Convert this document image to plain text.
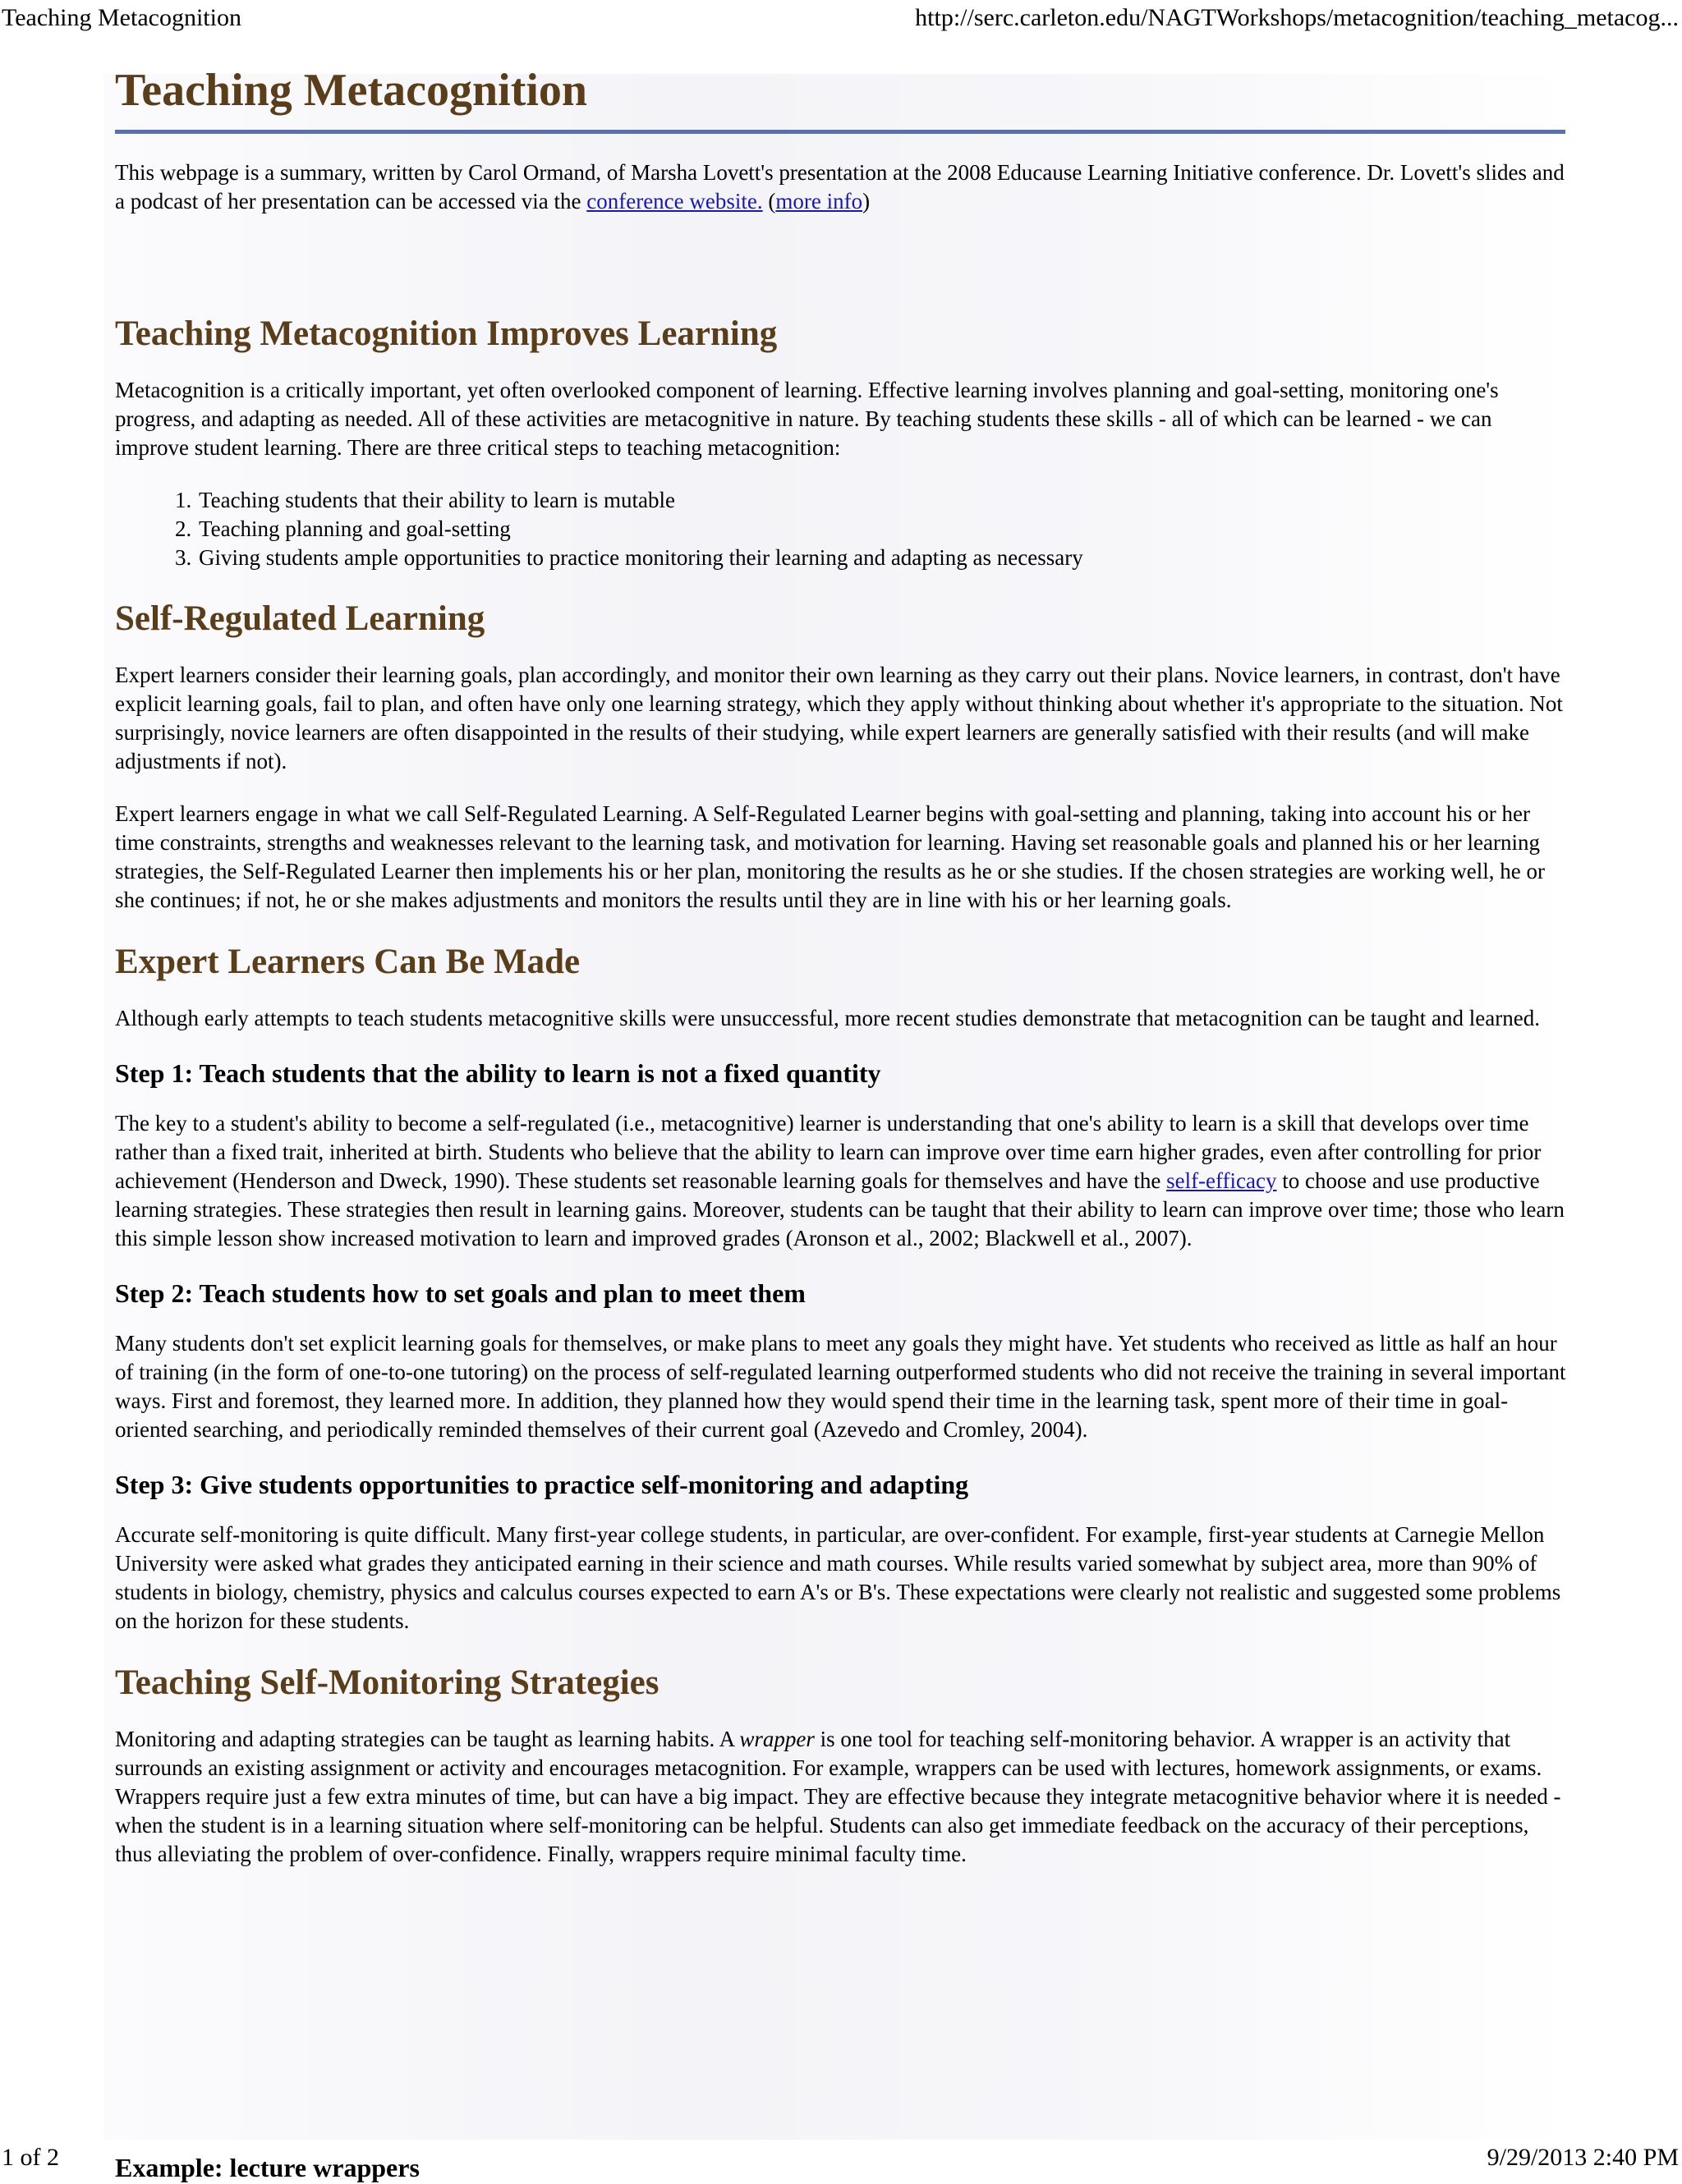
Teaching Metacognition	http://serc.carleton.edu/NAGTWorkshops/metacognition/teaching_metacog...
Teaching Metacognition

This webpage is a summary, written by Carol Ormand, of Marsha Lovett's presentation at the 2008 Educause Learning Initiative conference. Dr. Lovett's slides and a podcast of her presentation can be accessed via the conference website. (more info)

Teaching Metacognition Improves Learning

Metacognition is a critically important, yet often overlooked component of learning. Effective learning involves planning and goal-setting, monitoring one's progress, and adapting as needed. All of these activities are metacognitive in nature. By teaching students these skills - all of which can be learned - we can improve student learning. There are three critical steps to teaching metacognition:

1. Teaching students that their ability to learn is mutable
2. Teaching planning and goal-setting
3. Giving students ample opportunities to practice monitoring their learning and adapting as necessary
Self-Regulated Learning

Expert learners consider their learning goals, plan accordingly, and monitor their own learning as they carry out their plans. Novice learners, in contrast, don't have explicit learning goals, fail to plan, and often have only one learning strategy, which they apply without thinking about whether it's appropriate to the situation. Not surprisingly, novice learners are often disappointed in the results of their studying, while expert learners are generally satisfied with their results (and will make adjustments if not).

Expert learners engage in what we call Self-Regulated Learning. A Self-Regulated Learner begins with goal-setting and planning, taking into account his or her time constraints, strengths and weaknesses relevant to the learning task, and motivation for learning. Having set reasonable goals and planned his or her learning strategies, the Self-Regulated Learner then implements his or her plan, monitoring the results as he or she studies. If the chosen strategies are working well, he or she continues; if not, he or she makes adjustments and monitors the results until they are in line with his or her learning goals.

Expert Learners Can Be Made

Although early attempts to teach students metacognitive skills were unsuccessful, more recent studies demonstrate that metacognition can be taught and learned.

Step 1: Teach students that the ability to learn is not a fixed quantity

The key to a student's ability to become a self-regulated (i.e., metacognitive) learner is understanding that one's ability to learn is a skill that develops over time rather than a fixed trait, inherited at birth. Students who believe that the ability to learn can improve over time earn higher grades, even after controlling for prior achievement (Henderson and Dweck, 1990). These students set reasonable learning goals for themselves and have the self-efficacy to choose and use productive learning strategies. These strategies then result in learning gains. Moreover, students can be taught that their ability to learn can improve over time; those who learn this simple lesson show increased motivation to learn and improved grades (Aronson et al., 2002; Blackwell et al., 2007).

Step 2: Teach students how to set goals and plan to meet them

Many students don't set explicit learning goals for themselves, or make plans to meet any goals they might have. Yet students who received as little as half an hour of training (in the form of one-to-one tutoring) on the process of self-regulated learning outperformed students who did not receive the training in several important ways. First and foremost, they learned more. In addition, they planned how they would spend their time in the learning task, spent more of their time in goal-oriented searching, and periodically reminded themselves of their current goal (Azevedo and Cromley, 2004).

Step 3: Give students opportunities to practice self-monitoring and adapting

Accurate self-monitoring is quite difficult. Many first-year college students, in particular, are over-confident. For example, first-year students at Carnegie Mellon University were asked what grades they anticipated earning in their science and math courses. While results varied somewhat by subject area, more than 90% of students in biology, chemistry, physics and calculus courses expected to earn A's or B's. These expectations were clearly not realistic and suggested some problems on the horizon for these students.

Teaching Self-Monitoring Strategies

Monitoring and adapting strategies can be taught as learning habits. A wrapper is one tool for teaching self-monitoring behavior. A wrapper is an activity that surrounds an existing assignment or activity and encourages metacognition. For example, wrappers can be used with lectures, homework assignments, or exams. Wrappers require just a few extra minutes of time, but can have a big impact. They are effective because they integrate metacognitive behavior where it is needed - when the student is in a learning situation where self-monitoring can be helpful. Students can also get immediate feedback on the accuracy of their perceptions, thus alleviating the problem of over-confidence. Finally, wrappers require minimal faculty time.

Example: lecture wrappers
1 of 2	9/29/2013 2:40 PM
